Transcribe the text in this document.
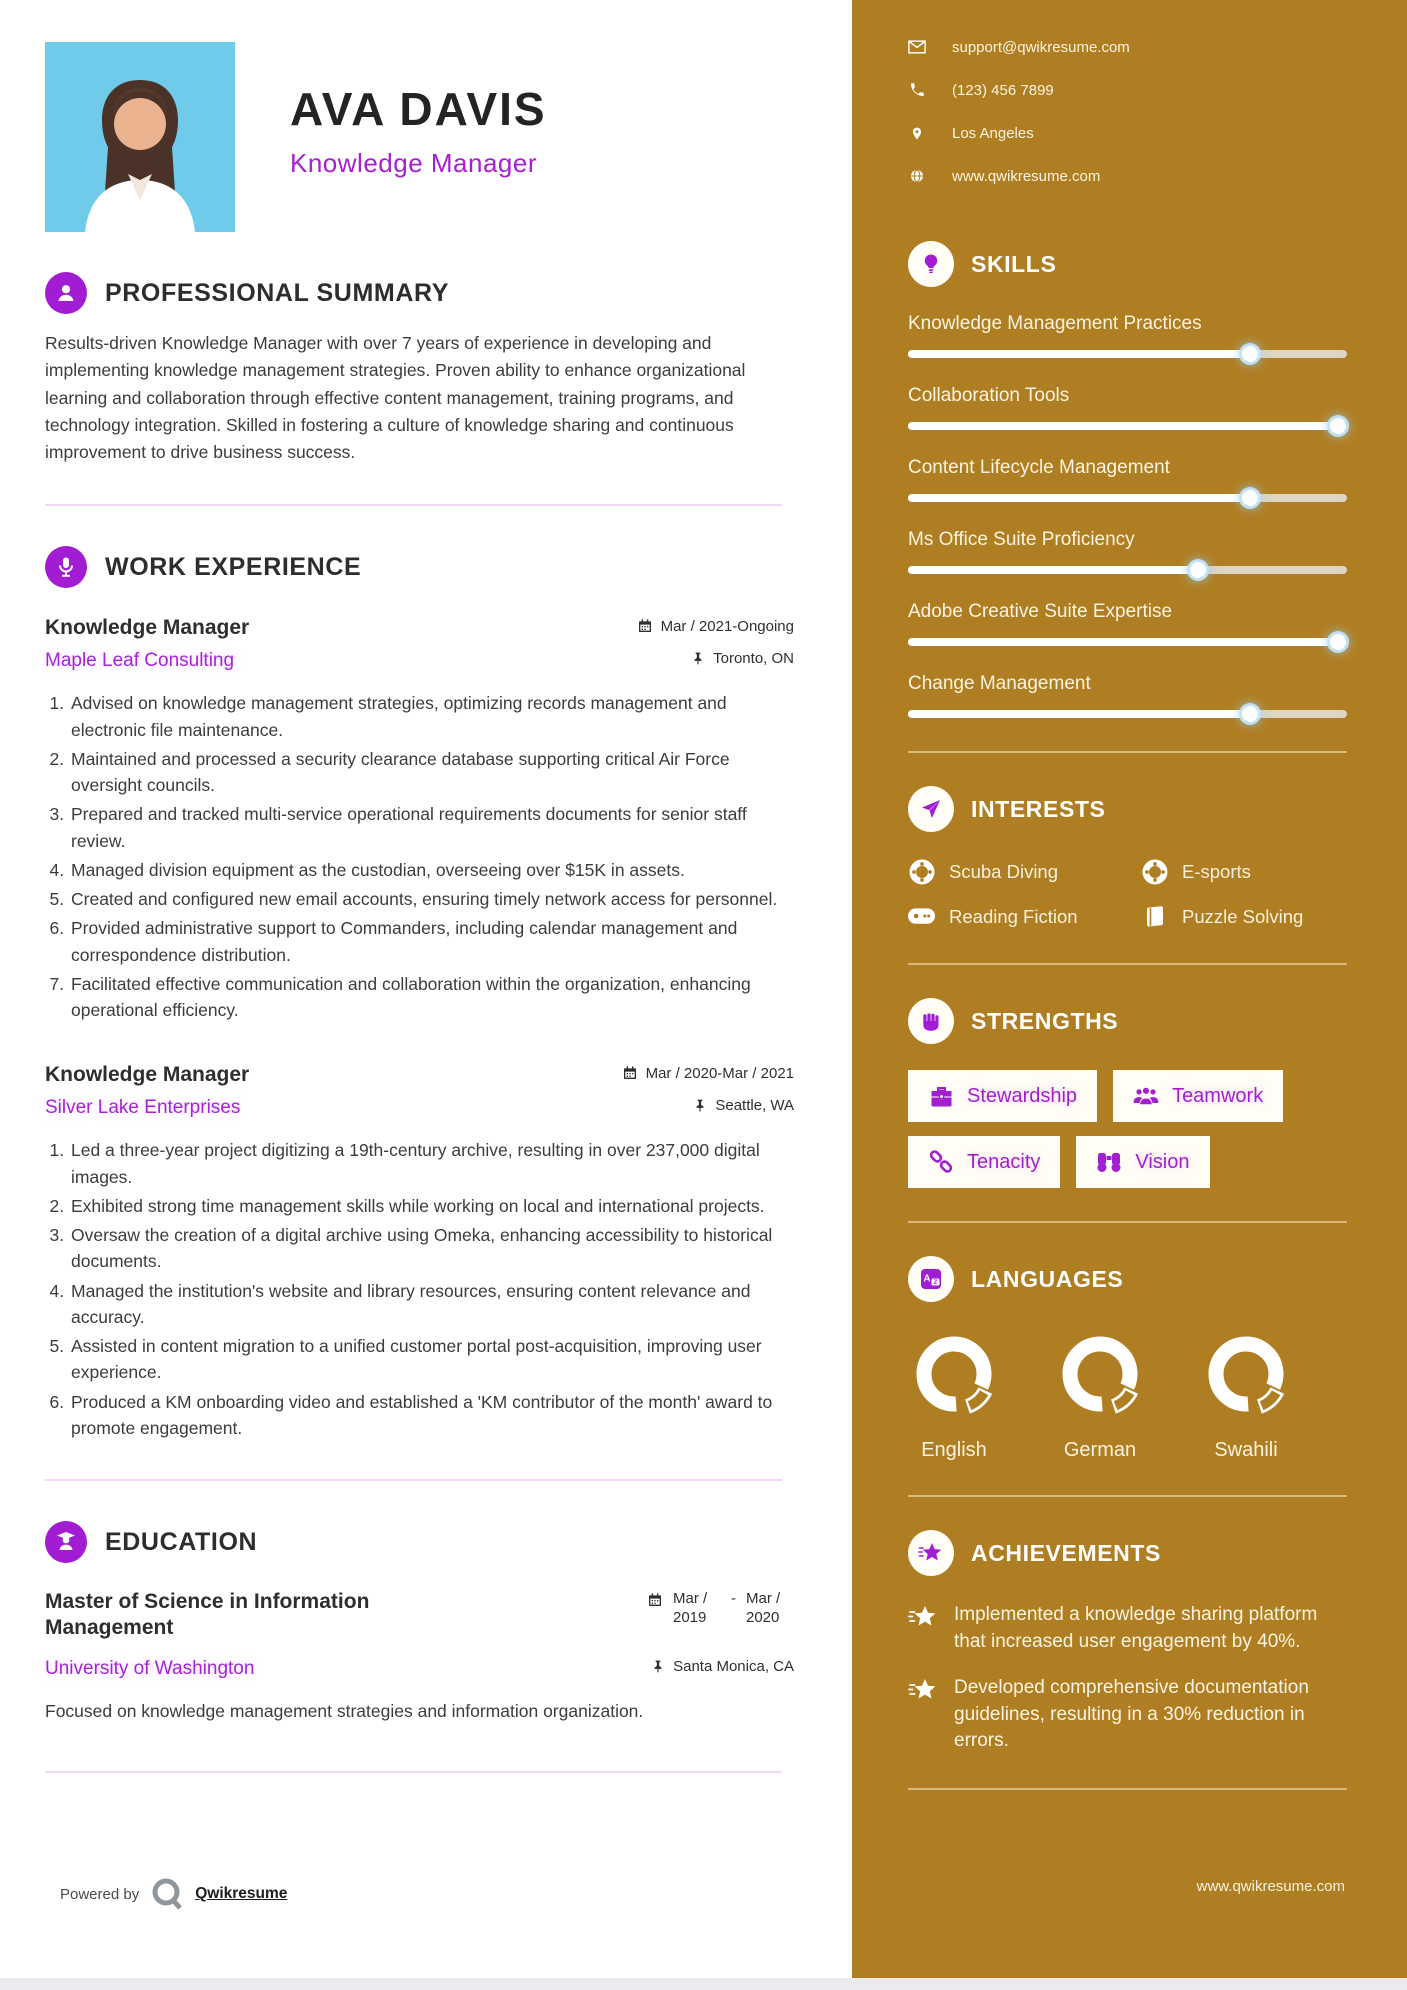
AVA DAVIS
Knowledge Manager
PROFESSIONAL SUMMARY

Results-driven Knowledge Manager with over 7 years of experience in developing and implementing knowledge management strategies. Proven ability to enhance organizational learning and collaboration through effective content management, training programs, and technology integration. Skilled in fostering a culture of knowledge sharing and continuous improvement to drive business success.

WORK EXPERIENCE
Knowledge Manager	Mar / 2021-Ongoing
Maple Leaf Consulting	Toronto, ON
1. Advised on knowledge management strategies, optimizing records management and electronic file maintenance.
2. Maintained and processed a security clearance database supporting critical Air Force oversight councils.
3. Prepared and tracked multi-service operational requirements documents for senior staff review.
4. Managed division equipment as the custodian, overseeing over $15K in assets.
5. Created and configured new email accounts, ensuring timely network access for personnel.
6. Provided administrative support to Commanders, including calendar management and correspondence distribution.
7. Facilitated effective communication and collaboration within the organization, enhancing operational efficiency.
Knowledge Manager	Mar / 2020-Mar / 2021
Silver Lake Enterprises	Seattle, WA
1. Led a three-year project digitizing a 19th-century archive, resulting in over 237,000 digital images.
2. Exhibited strong time management skills while working on local and international projects.
3. Oversaw the creation of a digital archive using Omeka, enhancing accessibility to historical documents.
4. Managed the institution's website and library resources, ensuring content relevance and accuracy.
5. Assisted in content migration to a unified customer portal post-acquisition, improving user experience.
6. Produced a KM onboarding video and established a 'KM contributor of the month' award to promote engagement.
EDUCATION
Master of Science in Information Management
Mar / 2019
- Mar / 2020
University of Washington	Santa Monica, CA

Focused on knowledge management strategies and information organization.

Powered by	Qwikresume
support@qwikresume.com
(123) 456 7899
Los Angeles
www.qwikresume.com
SKILLS
Knowledge Management Practices
Collaboration Tools
Content Lifecycle Management
Ms Office Suite Proficiency
Adobe Creative Suite Expertise
Change Management
INTERESTS
Scuba Diving	E-sports
Reading Fiction	Puzzle Solving
STRENGTHS
Stewardship	Teamwork
Tenacity	Vision
A Z LANGUAGES
English	German	Swahili
ACHIEVEMENTS
Implemented a knowledge sharing platform that increased user engagement by 40%.
Developed comprehensive documentation guidelines, resulting in a 30% reduction in errors.
www.qwikresume.com
